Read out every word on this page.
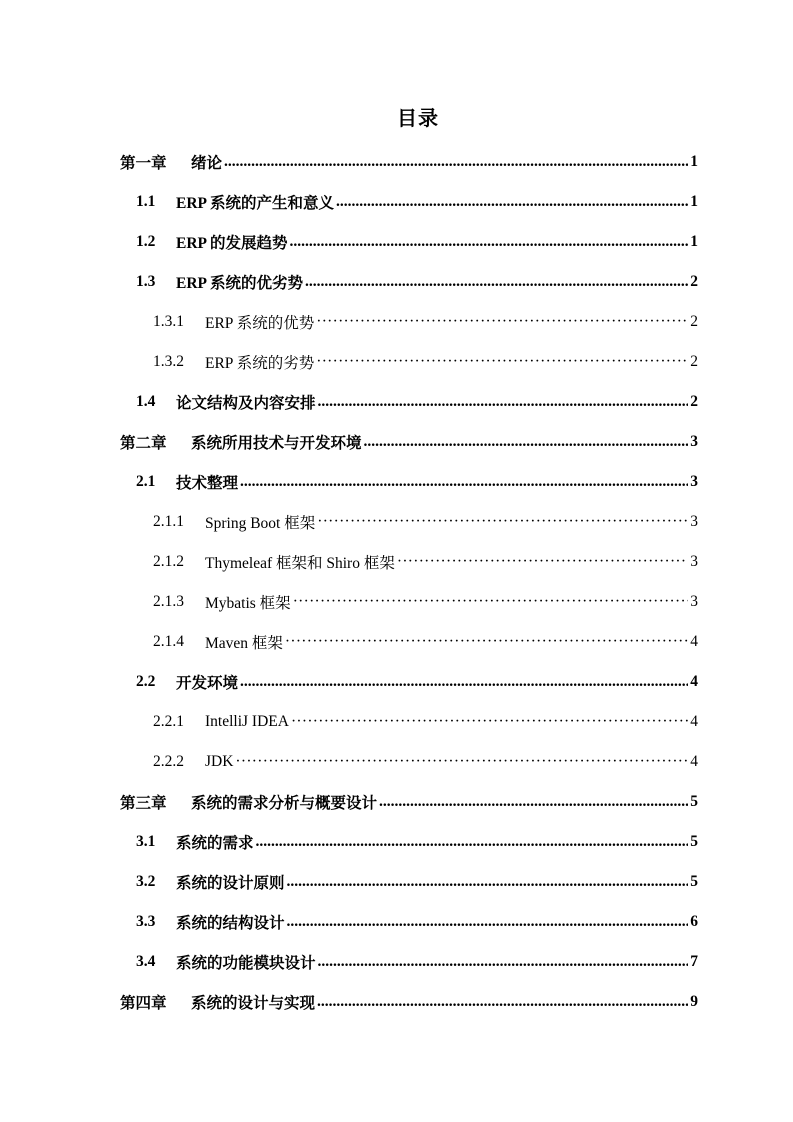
目录
第一章	绪论 .....	1
1.1	ERP 系统的产生和意义 .....	1
1.2	ERP 的发展趋势 .....	1
1.3	ERP 系统的优劣势 .....	2
1.3.1	ERP 系统的优势 ·····	2
1.3.2	ERP 系统的劣势 ·····	2
1.4	论文结构及内容安排 .....	2
第二章	系统所用技术与开发环境 .....	3
2.1	技术整理 .....	3
2.1.1	Spring Boot 框架 ·····	3
2.1.2	Thymeleaf 框架和 Shiro 框架 ·····	3
2.1.3	Mybatis 框架 ·····	3
2.1.4	Maven 框架 ·····	4
2.2	开发环境 .....	4
2.2.1	IntelliJ IDEA ·····	4
2.2.2	JDK ·····	4
第三章	系统的需求分析与概要设计 .....	5
3.1	系统的需求 .....	5
3.2	系统的设计原则 .....	5
3.3	系统的结构设计 .....	6
3.4	系统的功能模块设计 .....	7
第四章	系统的设计与实现 .....	9
